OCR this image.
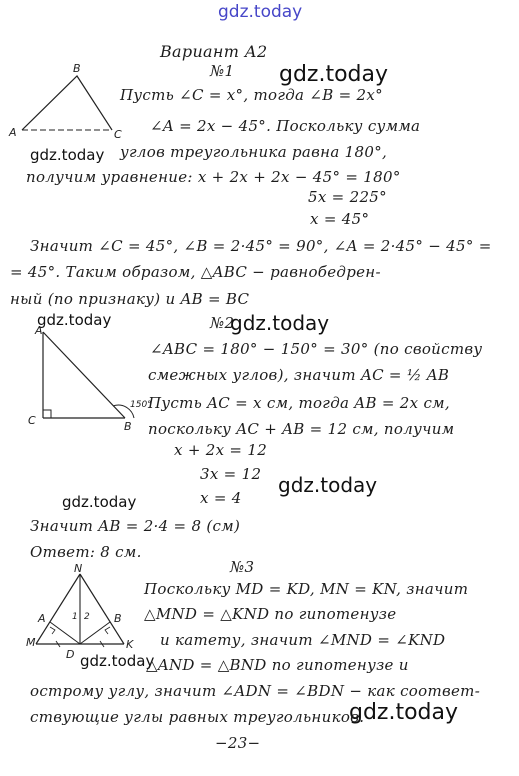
gdz.today
gdz.today
gdz.today
gdz.today	gdz.today
gdz.today
gdz.today
gdz.today
gdz.today
Вариант А2
№1
B
A	C
Пусть ∠C = x°, тогда ∠B = 2x°
∠A = 2x − 45°. Поскольку сумма
углов треугольника равна 180°,
получим уравнение: x + 2x + 2x − 45° = 180°
5x = 225°
x = 45°
Значит ∠C = 45°, ∠B = 2·45° = 90°, ∠A = 2·45° − 45° =
= 45°. Таким образом, △ABC − равнобедрен-
ный (по признаку) и AB = BC
№2
A
C	B
150°
∠ABC = 180° − 150° = 30° (по свойству
смежных углов), значит AC = ½ AB
Пусть AC = x см, тогда AB = 2x см,
поскольку AC + AB = 12 см, получим
x + 2x = 12
3x = 12
x = 4
Значит AB = 2·4 = 8 (см)
Ответ: 8 см.
№3
N
A	B
M	K
D
1 2
Поскольку MD = KD, MN = KN, значит
△MND = △KND по гипотенузе
и катету, значит ∠MND = ∠KND
△AND = △BND по гипотенузе и
острому углу, значит ∠ADN = ∠BDN − как соответ-
ствующие углы равных треугольников.
−23−
